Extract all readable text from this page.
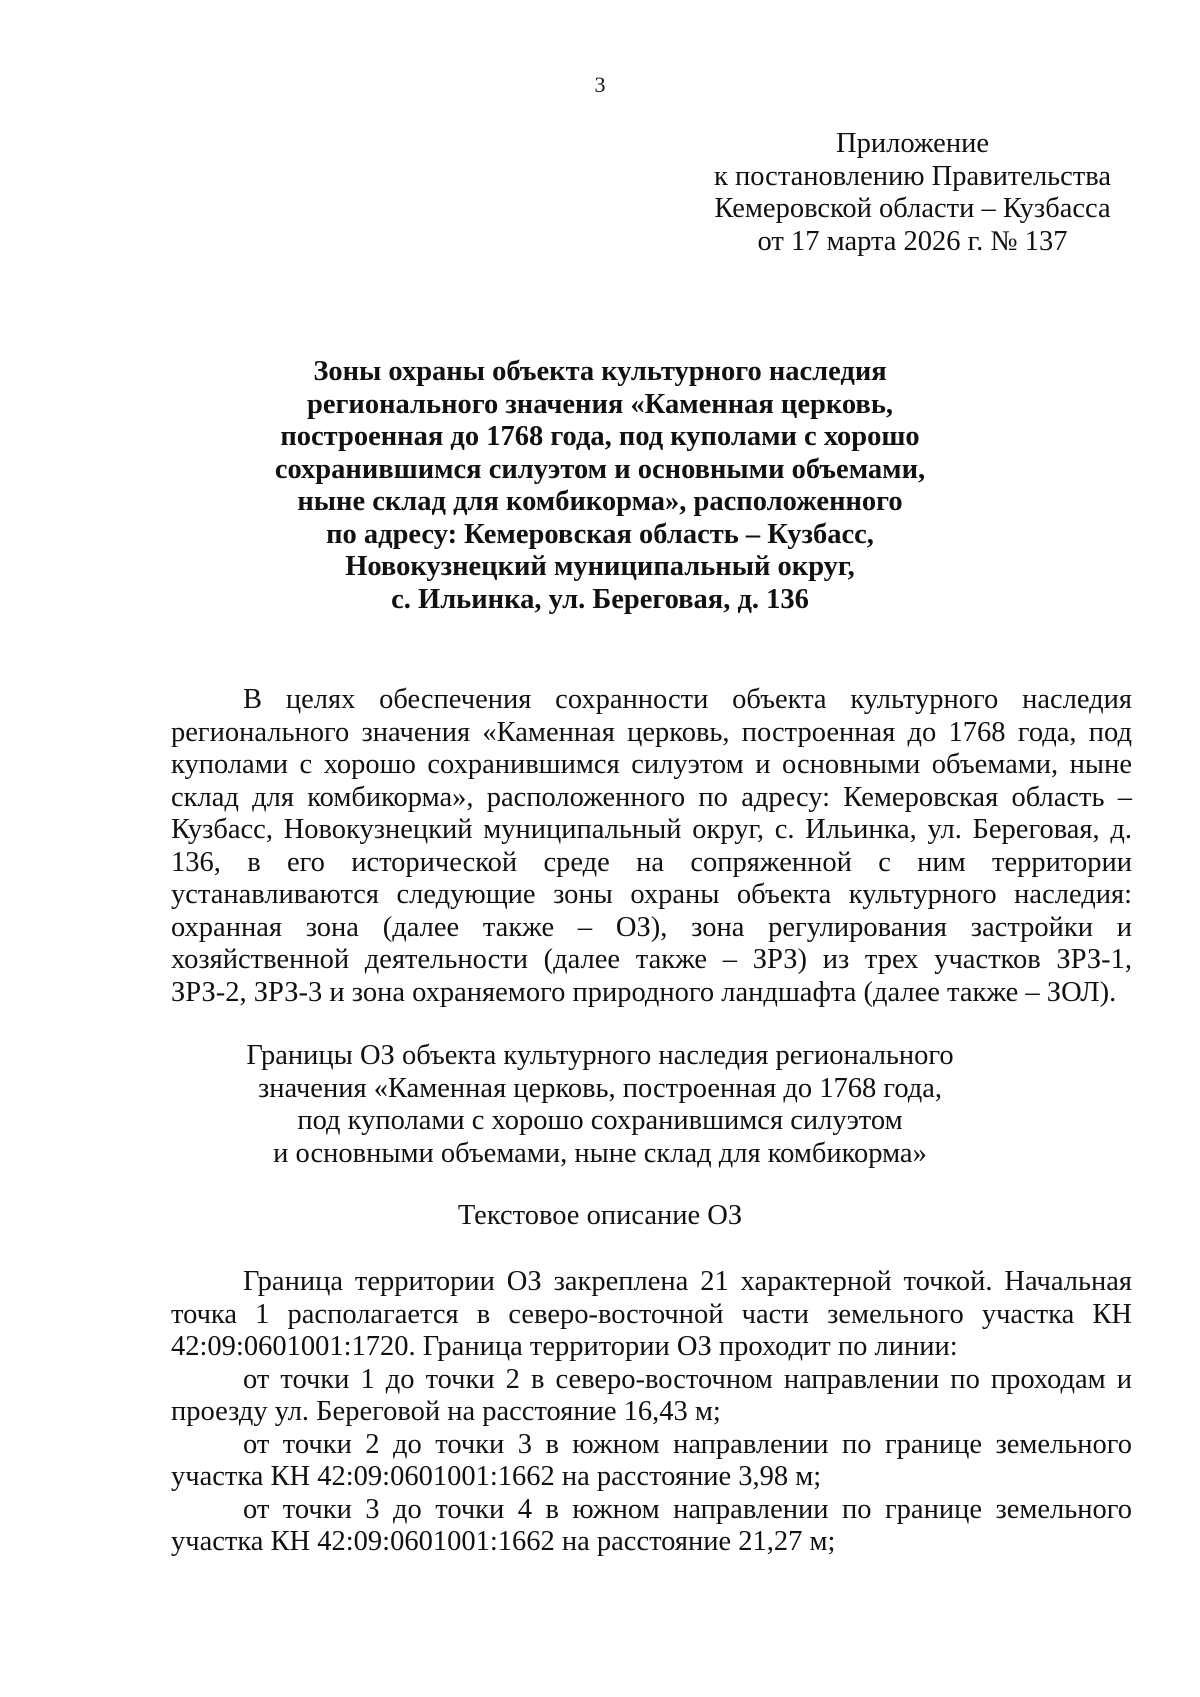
3
Приложение
к постановлению Правительства
Кемеровской области – Кузбасса
от 17 марта 2026 г. № 137
Зоны охраны объекта культурного наследия
регионального значения «Каменная церковь,
построенная до 1768 года, под куполами с хорошо
сохранившимся силуэтом и основными объемами,
ныне склад для комбикорма», расположенного
по адресу: Кемеровская область – Кузбасс,
Новокузнецкий муниципальный округ,
с. Ильинка, ул. Береговая, д. 136
В целях обеспечения сохранности объекта культурного наследия регионального значения «Каменная церковь, построенная до 1768 года, под куполами с хорошо сохранившимся силуэтом и основными объемами, ныне склад для комбикорма», расположенного по адресу: Кемеровская область – Кузбасс, Новокузнецкий муниципальный округ, с. Ильинка, ул. Береговая, д. 136, в его исторической среде на сопряженной с ним территории устанавливаются следующие зоны охраны объекта культурного наследия: охранная зона (далее также – ОЗ), зона регулирования застройки и хозяйственной деятельности (далее также – ЗРЗ) из трех участков ЗРЗ-1, ЗРЗ-2, ЗРЗ-3 и зона охраняемого природного ландшафта (далее также – ЗОЛ).
Границы ОЗ объекта культурного наследия регионального
значения «Каменная церковь, построенная до 1768 года,
под куполами с хорошо сохранившимся силуэтом
и основными объемами, ныне склад для комбикорма»
Текстовое описание ОЗ

Граница территории ОЗ закреплена 21 характерной точкой. Начальная точка 1 располагается в северо-восточной части земельного участка КН 42:09:0601001:1720. Граница территории ОЗ проходит по линии:

от точки 1 до точки 2 в северо-восточном направлении по проходам и проезду ул. Береговой на расстояние 16,43 м;

от точки 2 до точки 3 в южном направлении по границе земельного участка КН 42:09:0601001:1662 на расстояние 3,98 м;

от точки 3 до точки 4 в южном направлении по границе земельного участка КН 42:09:0601001:1662 на расстояние 21,27 м;
